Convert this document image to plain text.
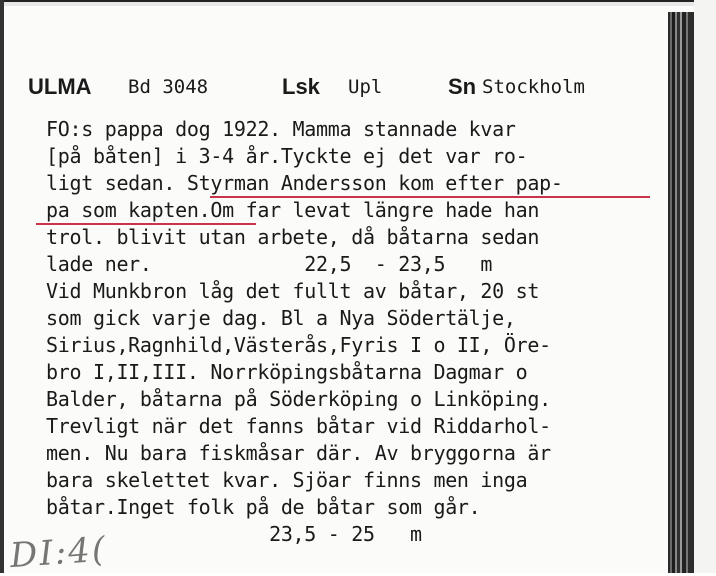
ULMA Bd 3048	Lsk Upl	Sn Stockholm
FO:s pappa dog 1922. Mamma stannade kvar
[på båten] i 3-4 år.Tyckte ej det var ro-
ligt sedan. Styrman Andersson kom efter pap-
pa som kapten.Om far levat längre hade han
trol. blivit utan arbete, då båtarna sedan
lade ner.             22,5  - 23,5   m
Vid Munkbron låg det fullt av båtar, 20 st
som gick varje dag. Bl a Nya Södertälje,
Sirius,Ragnhild,Västerås,Fyris I o II, Öre-
bro I,II,III. Norrköpingsbåtarna Dagmar o
Balder, båtarna på Söderköping o Linköping.
Trevligt när det fanns båtar vid Riddarhol-
men. Nu bara fiskmåsar där. Av bryggorna är
bara skelettet kvar. Sjöar finns men inga
båtar.Inget folk på de båtar som går.
23,5 - 25   m
DI:4(
